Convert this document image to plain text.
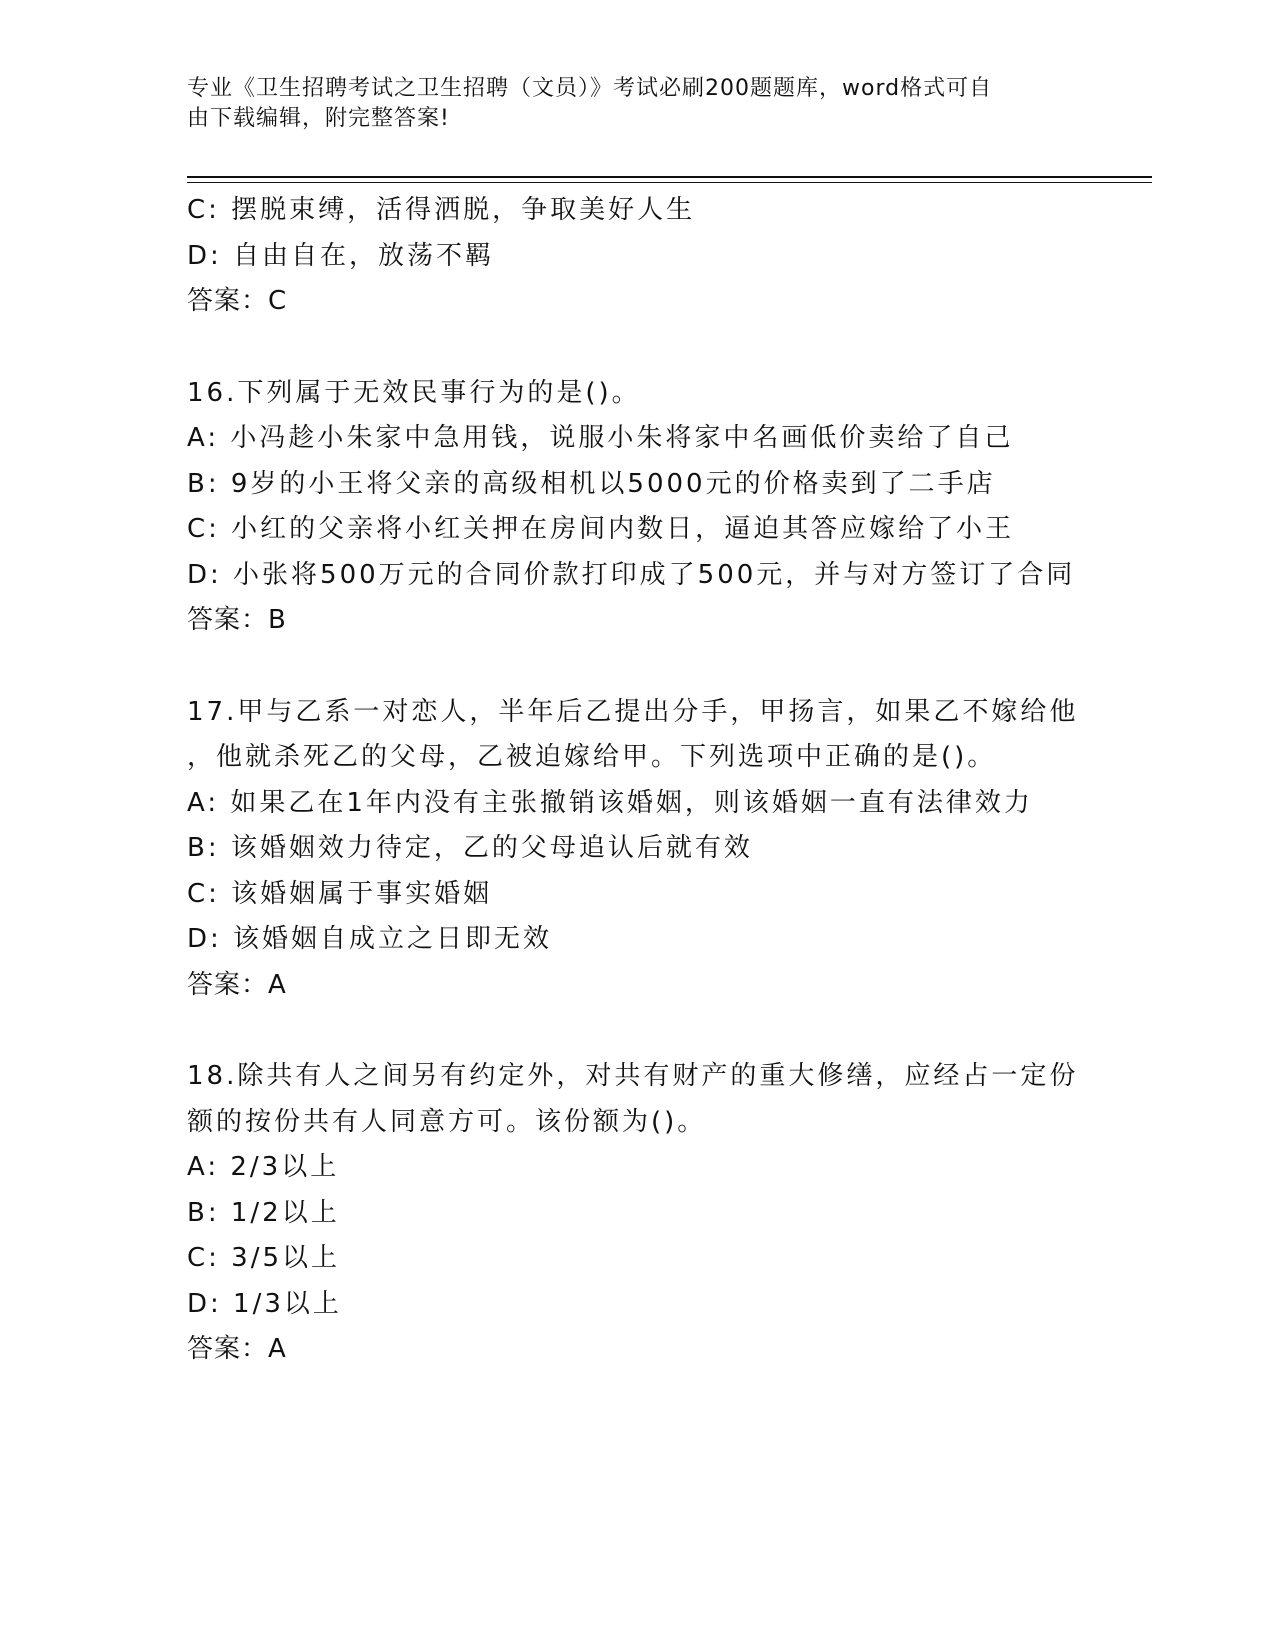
专业《卫生招聘考试之卫生招聘（文员）》考试必刷200题题库，word格式可自
由下载编辑，附完整答案!
C: 摆脱束缚，活得洒脱，争取美好人生
D: 自由自在，放荡不羁
答案：C
16.下列属于无效民事行为的是()。
A: 小冯趁小朱家中急用钱，说服小朱将家中名画低价卖给了自己
B: 9岁的小王将父亲的高级相机以5000元的价格卖到了二手店
C: 小红的父亲将小红关押在房间内数日，逼迫其答应嫁给了小王
D: 小张将500万元的合同价款打印成了500元，并与对方签订了合同
答案：B
17.甲与乙系一对恋人，半年后乙提出分手，甲扬言，如果乙不嫁给他
，他就杀死乙的父母，乙被迫嫁给甲。下列选项中正确的是()。
A: 如果乙在1年内没有主张撤销该婚姻，则该婚姻一直有法律效力
B: 该婚姻效力待定，乙的父母追认后就有效
C: 该婚姻属于事实婚姻
D: 该婚姻自成立之日即无效
答案：A
18.除共有人之间另有约定外，对共有财产的重大修缮，应经占一定份
额的按份共有人同意方可。该份额为()。
A: 2/3以上
B: 1/2以上
C: 3/5以上
D: 1/3以上
答案：A
